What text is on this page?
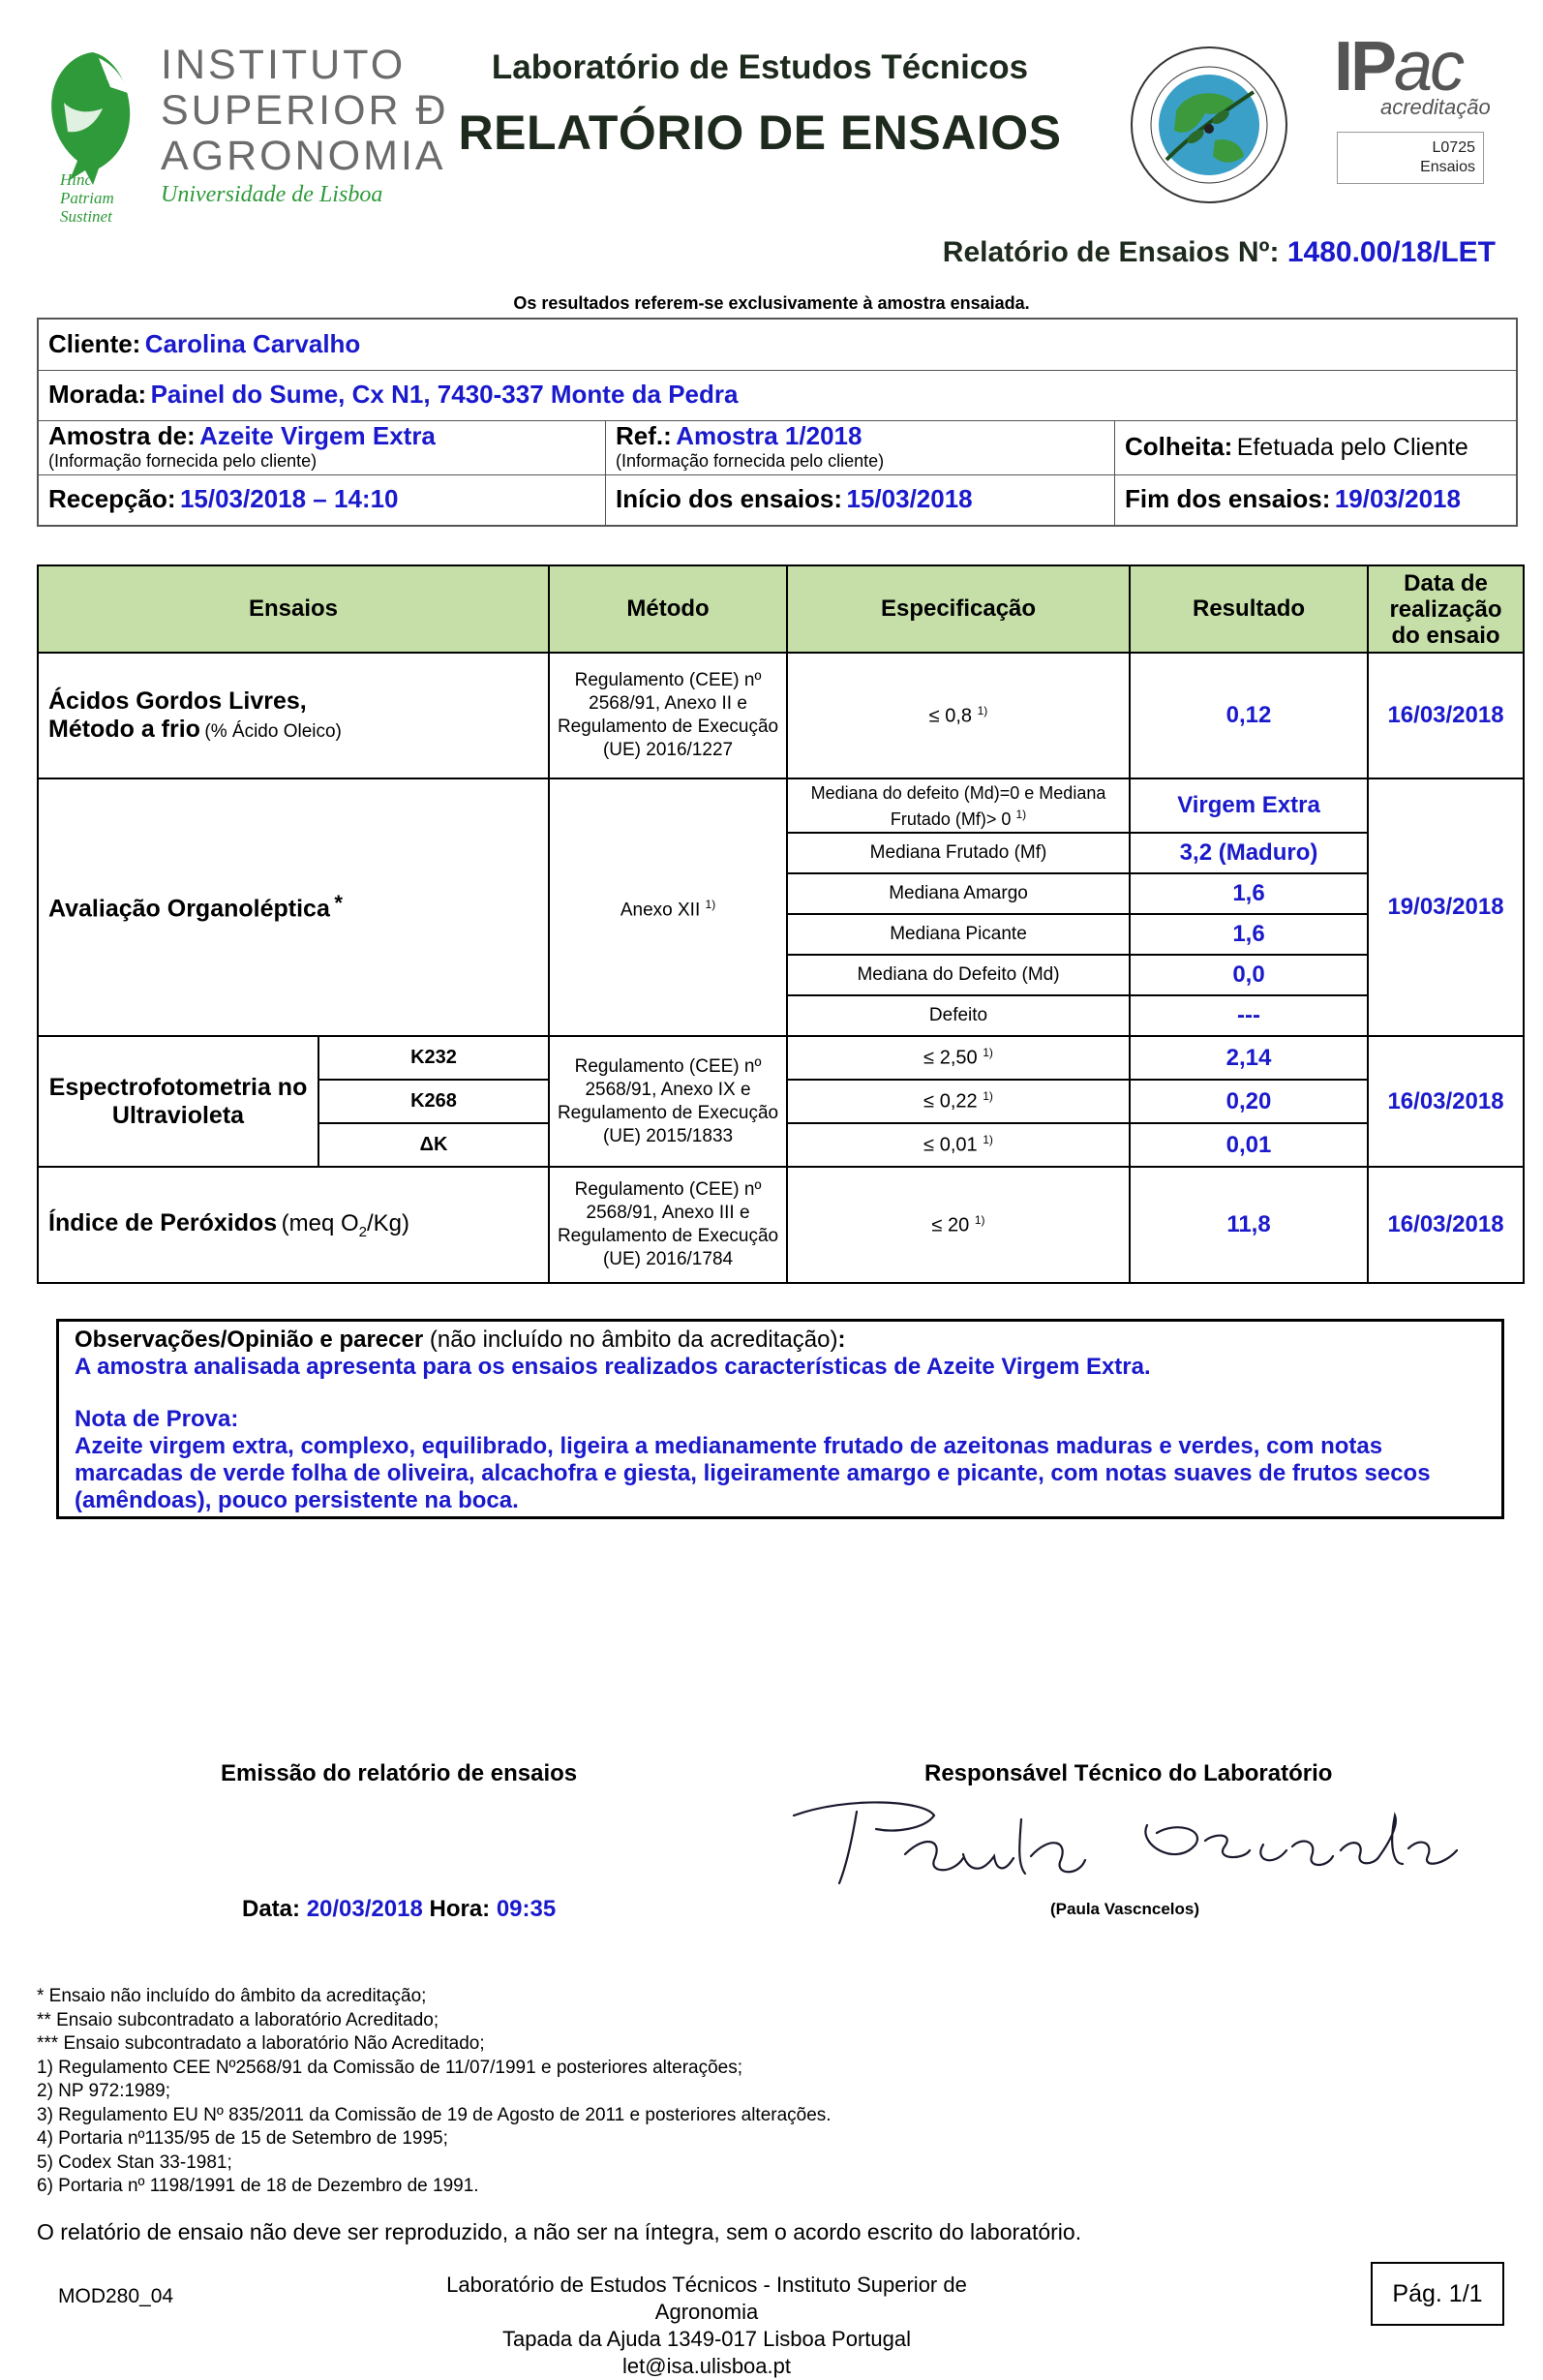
Hinc
Patriam
Sustinet
INSTITUTO
SUPERIOR Ð
AGRONOMIA
Universidade de Lisboa
Laboratório de Estudos Técnicos
RELATÓRIO DE ENSAIOS
IPac
acreditação
L0725
Ensaios
Relatório de Ensaios Nº: 1480.00/18/LET
Os resultados referem-se exclusivamente à amostra ensaiada.
Cliente: Carolina Carvalho
Morada: Painel do Sume, Cx N1, 7430-337 Monte da Pedra
Amostra de: Azeite Virgem Extra
(Informação fornecida pelo cliente)
Ref.: Amostra 1/2018
(Informação fornecida pelo cliente)	Colheita: Efetuada pelo Cliente
Recepção: 15/03/2018 – 14:10	Início dos ensaios: 15/03/2018	Fim dos ensaios: 19/03/2018
Ensaios		Método	Especificação	Resultado	Data de realização do ensaio

Ácidos Gordos Livres,
Método a frio (% Ácido Oleico)		Regulamento (CEE) nº 2568/91, Anexo II e Regulamento de Execução (UE) 2016/1227	≤ 0,8 $^{1)}$	0,12	16/03/2018
Avaliação Organoléptica *		Anexo XII $^{1)}$	Mediana do defeito (Md)=0 e Mediana Frutado (Mf)> 0 $^{1)}$	Virgem Extra	19/03/2018
			Mediana Frutado (Mf)	3,2 (Maduro)	
			Mediana Amargo	1,6	
			Mediana Picante	1,6	
			Mediana do Defeito (Md)	0,0	
			Defeito	---	
Espectrofotometria no Ultravioleta	K232	Regulamento (CEE) nº 2568/91, Anexo IX e Regulamento de Execução (UE) 2015/1833	≤ 2,50 $^{1)}$	2,14	16/03/2018
	K268		≤ 0,22 $^{1)}$	0,20	
	ΔK		≤ 0,01 $^{1)}$	0,01	
Índice de Peróxidos (meq $O_2/Kg$)		Regulamento (CEE) nº 2568/91, Anexo III e Regulamento de Execução (UE) 2016/1784	≤ 20 $^{1)}$	11,8	16/03/2018
Observações/Opinião e parecer (não incluído no âmbito da acreditação):
A amostra analisada apresenta para os ensaios realizados características de Azeite Virgem Extra.
Nota de Prova:
Azeite virgem extra, complexo, equilibrado, ligeira a medianamente frutado de azeitonas maduras e verdes, com notas marcadas de verde folha de oliveira, alcachofra e giesta, ligeiramente amargo e picante, com notas suaves de frutos secos (amêndoas), pouco persistente na boca.
Emissão do relatório de ensaios	Responsável Técnico do Laboratório
Data: 20/03/2018 Hora: 09:35	(Paula Vascncelos)
* Ensaio não incluído do âmbito da acreditação;
** Ensaio subcontradato a laboratório Acreditado;
*** Ensaio subcontradato a laboratório Não Acreditado;
1) Regulamento CEE Nº2568/91 da Comissão de 11/07/1991 e posteriores alterações;
2) NP 972:1989;
3) Regulamento EU Nº 835/2011 da Comissão de 19 de Agosto de 2011 e posteriores alterações.
4) Portaria nº1135/95 de 15 de Setembro de 1995;
5) Codex Stan 33-1981;
6) Portaria nº 1198/1991 de 18 de Dezembro de 1991.
O relatório de ensaio não deve ser reproduzido, a não ser na íntegra, sem o acordo escrito do laboratório.
MOD280_04	Laboratório de Estudos Técnicos - Instituto Superior de Agronomia
Tapada da Ajuda 1349-017 Lisboa Portugal
let@isa.ulisboa.pt
Pág. 1/1
